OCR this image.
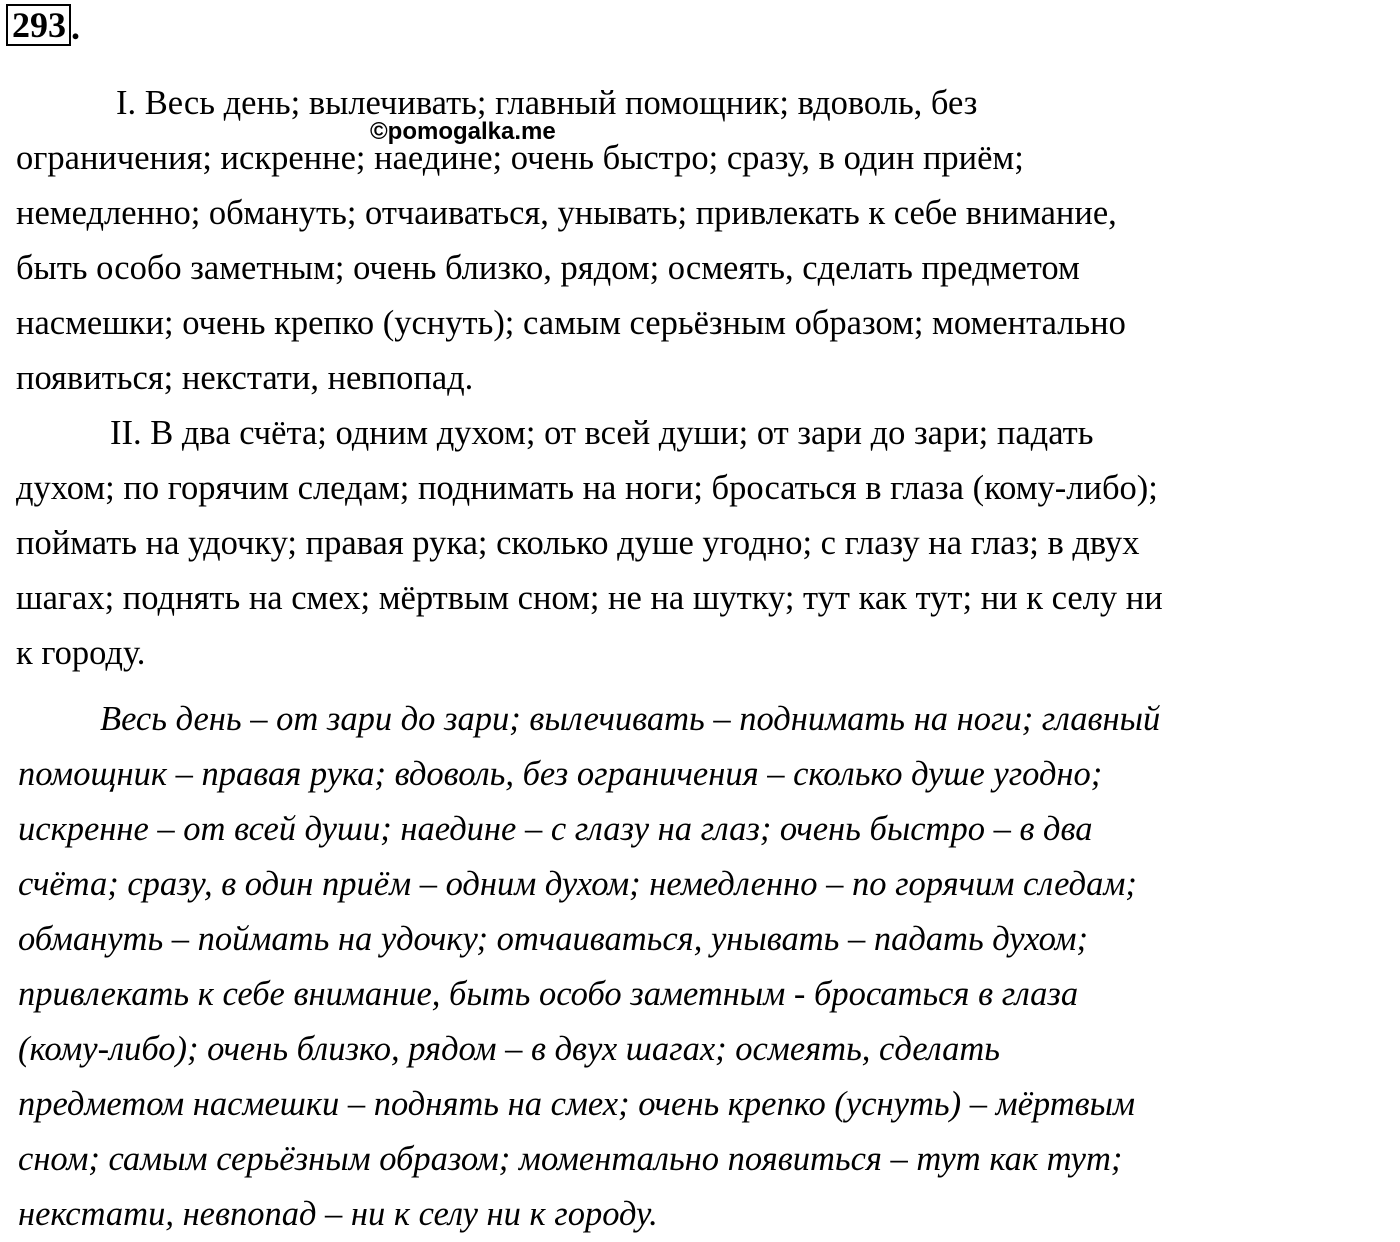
293 .
I. Весь день; вылечивать; главный помощник; вдоволь, без
ограничения; искренне; наедине; очень быстро; сразу, в один приём;
немедленно; обмануть; отчаиваться, унывать; привлекать к себе внимание,
быть особо заметным; очень близко, рядом; осмеять, сделать предметом
насмешки; очень крепко (уснуть); самым серьёзным образом; моментально
появиться; некстати, невпопад.
©pomogalka.me
II. В два счёта; одним духом; от всей души; от зари до зари; падать
духом; по горячим следам; поднимать на ноги; бросаться в глаза (кому-либо);
поймать на удочку; правая рука; сколько душе угодно; с глазу на глаз; в двух
шагах; поднять на смех; мёртвым сном; не на шутку; тут как тут; ни к селу ни
к городу.
Весь день – от зари до зари; вылечивать – поднимать на ноги; главный
помощник – правая рука; вдоволь, без ограничения – сколько душе угодно;
искренне – от всей души; наедине – с глазу на глаз; очень быстро – в два
счёта; сразу, в один приём – одним духом; немедленно – по горячим следам;
обмануть – поймать на удочку; отчаиваться, унывать – падать духом;
привлекать к себе внимание, быть особо заметным - бросаться в глаза
(кому-либо); очень близко, рядом – в двух шагах; осмеять, сделать
предметом насмешки – поднять на смех; очень крепко (уснуть) – мёртвым
сном; самым серьёзным образом; моментально появиться – тут как тут;
некстати, невпопад – ни к селу ни к городу.
